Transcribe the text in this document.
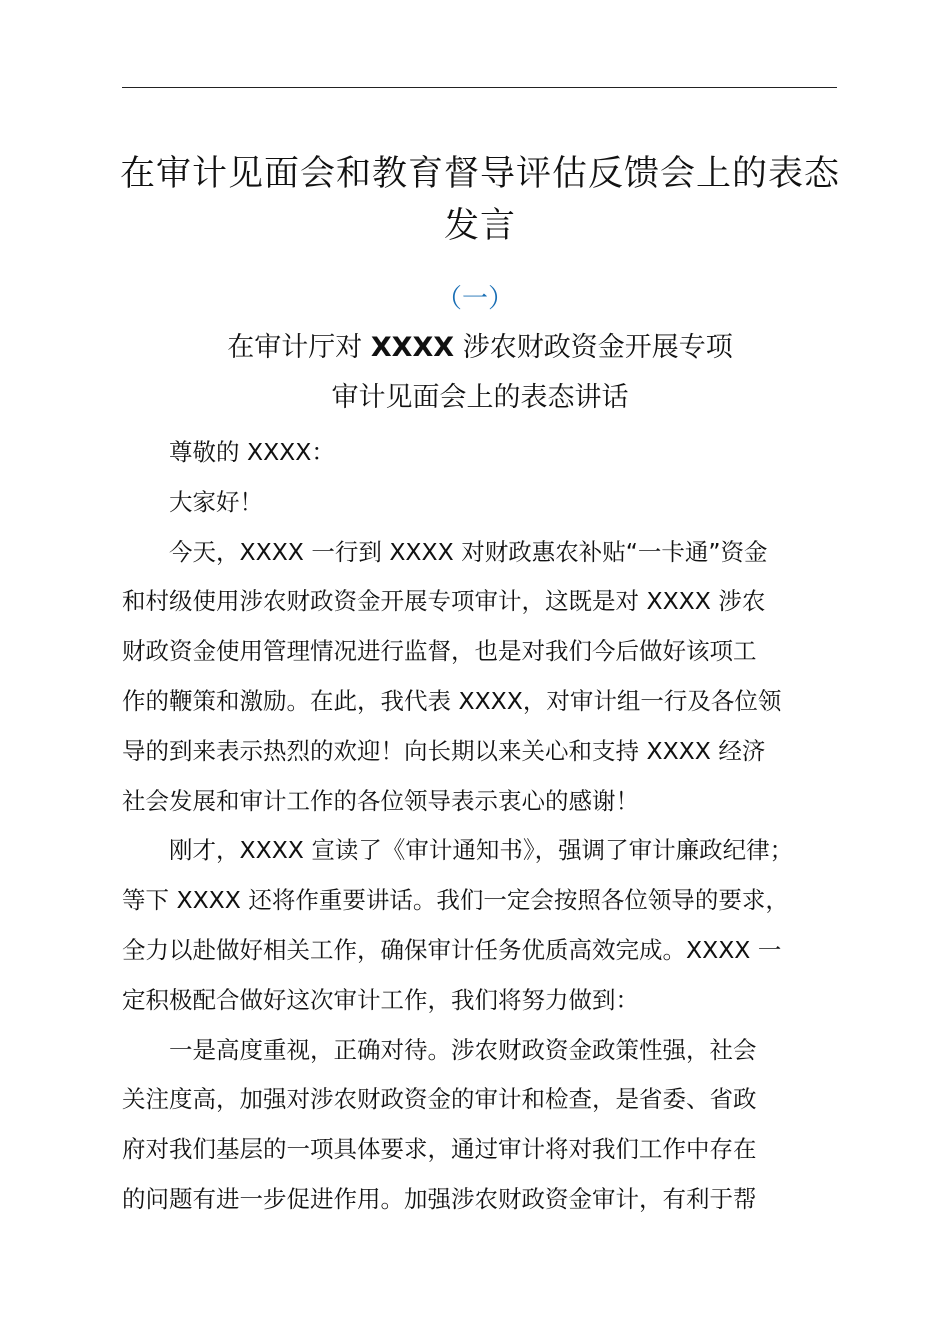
在审计见面会和教育督导评估反馈会上的表态
发言
（一）
在审计厅对 XXXX 涉农财政资金开展专项
审计见面会上的表态讲话

尊敬的 XXXX：

大家好！

今天，XXXX 一行到 XXXX 对财政惠农补贴“一卡通”资金

和村级使用涉农财政资金开展专项审计，这既是对 XXXX 涉农

财政资金使用管理情况进行监督，也是对我们今后做好该项工

作的鞭策和激励。在此，我代表 XXXX，对审计组一行及各位领

导的到来表示热烈的欢迎！向长期以来关心和支持 XXXX 经济

社会发展和审计工作的各位领导表示衷心的感谢！

刚才，XXXX 宣读了《审计通知书》，强调了审计廉政纪律；

等下 XXXX 还将作重要讲话。我们一定会按照各位领导的要求，

全力以赴做好相关工作，确保审计任务优质高效完成。XXXX 一

定积极配合做好这次审计工作，我们将努力做到：

一是高度重视，正确对待。涉农财政资金政策性强，社会

关注度高，加强对涉农财政资金的审计和检查，是省委、省政

府对我们基层的一项具体要求，通过审计将对我们工作中存在

的问题有进一步促进作用。加强涉农财政资金审计，有利于帮
